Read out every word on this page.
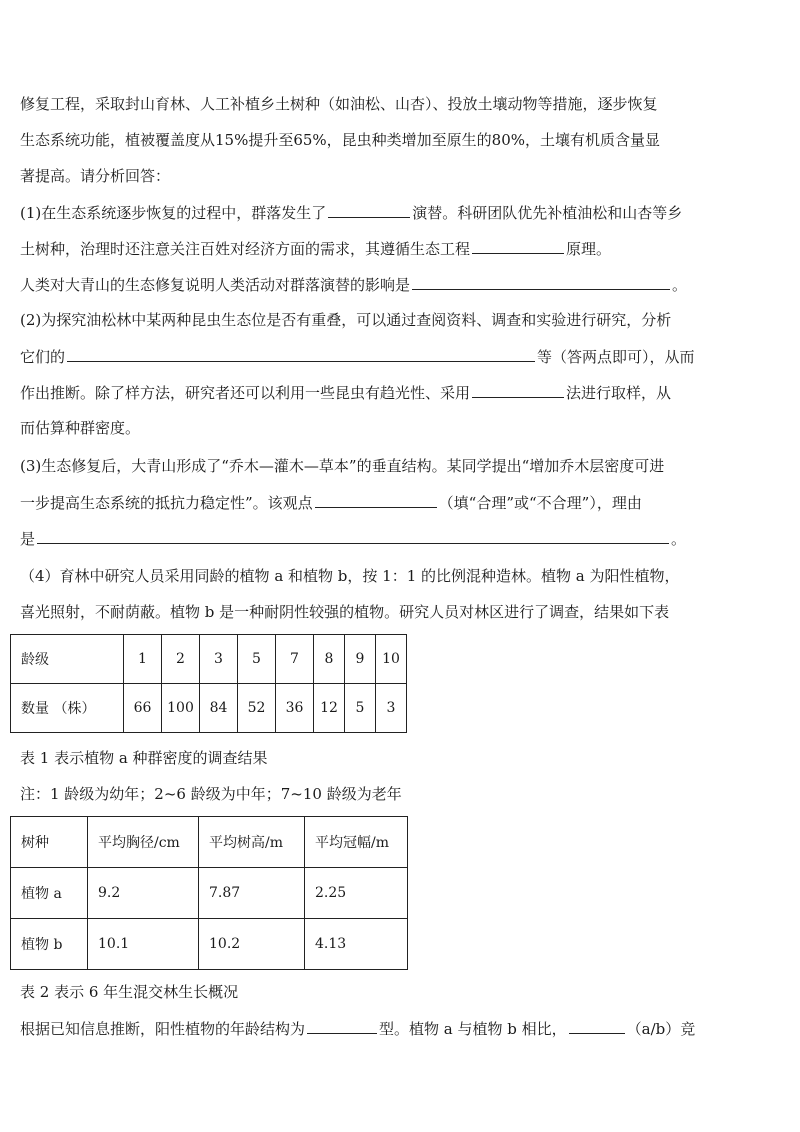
修复工程，采取封山育林、人工补植乡土树种（如油松、山杏）、投放土壤动物等措施，逐步恢复
生态系统功能，植被覆盖度从15%提升至65%，昆虫种类增加至原生的80%，土壤有机质含量显
著提高。请分析回答：
(1)在生态系统逐步恢复的过程中，群落发生了	演替。科研团队优先补植油松和山杏等乡
土树种，治理时还注意关注百姓对经济方面的需求，其遵循生态工程	原理。
人类对大青山的生态修复说明人类活动对群落演替的影响是	。
(2)为探究油松林中某两种昆虫生态位是否有重叠，可以通过查阅资料、调查和实验进行研究，分析
它们的	等（答两点即可），从而
作出推断。除了样方法，研究者还可以利用一些昆虫有趋光性、采用	法进行取样，从
而估算种群密度。
(3)生态修复后，大青山形成了“乔木—灌木—草本”的垂直结构。某同学提出“增加乔木层密度可进
一步提高生态系统的抵抗力稳定性”。该观点	（填“合理”或“不合理”），理由
是	。
（4）育林中研究人员采用同龄的植物 a 和植物 b，按 1：1 的比例混种造林。植物 a 为阳性植物，
喜光照射，不耐荫蔽。植物 b 是一种耐阴性较强的植物。研究人员对林区进行了调查，结果如下表
龄级	1	2	3	5	7	8	9	10
数量 （株）	66	100	84	52	36	12	5	3
表 1 表示植物 a 种群密度的调查结果
注：1 龄级为幼年；2~6 龄级为中年；7~10 龄级为老年
树种	平均胸径/cm	平均树高/m	平均冠幅/m
植物 a	9.2	7.87	2.25
植物 b	10.1	10.2	4.13
表 2 表示 6 年生混交林生长概况
根据已知信息推断，阳性植物的年龄结构为	型。植物 a 与植物 b 相比，	（a/b）竞
